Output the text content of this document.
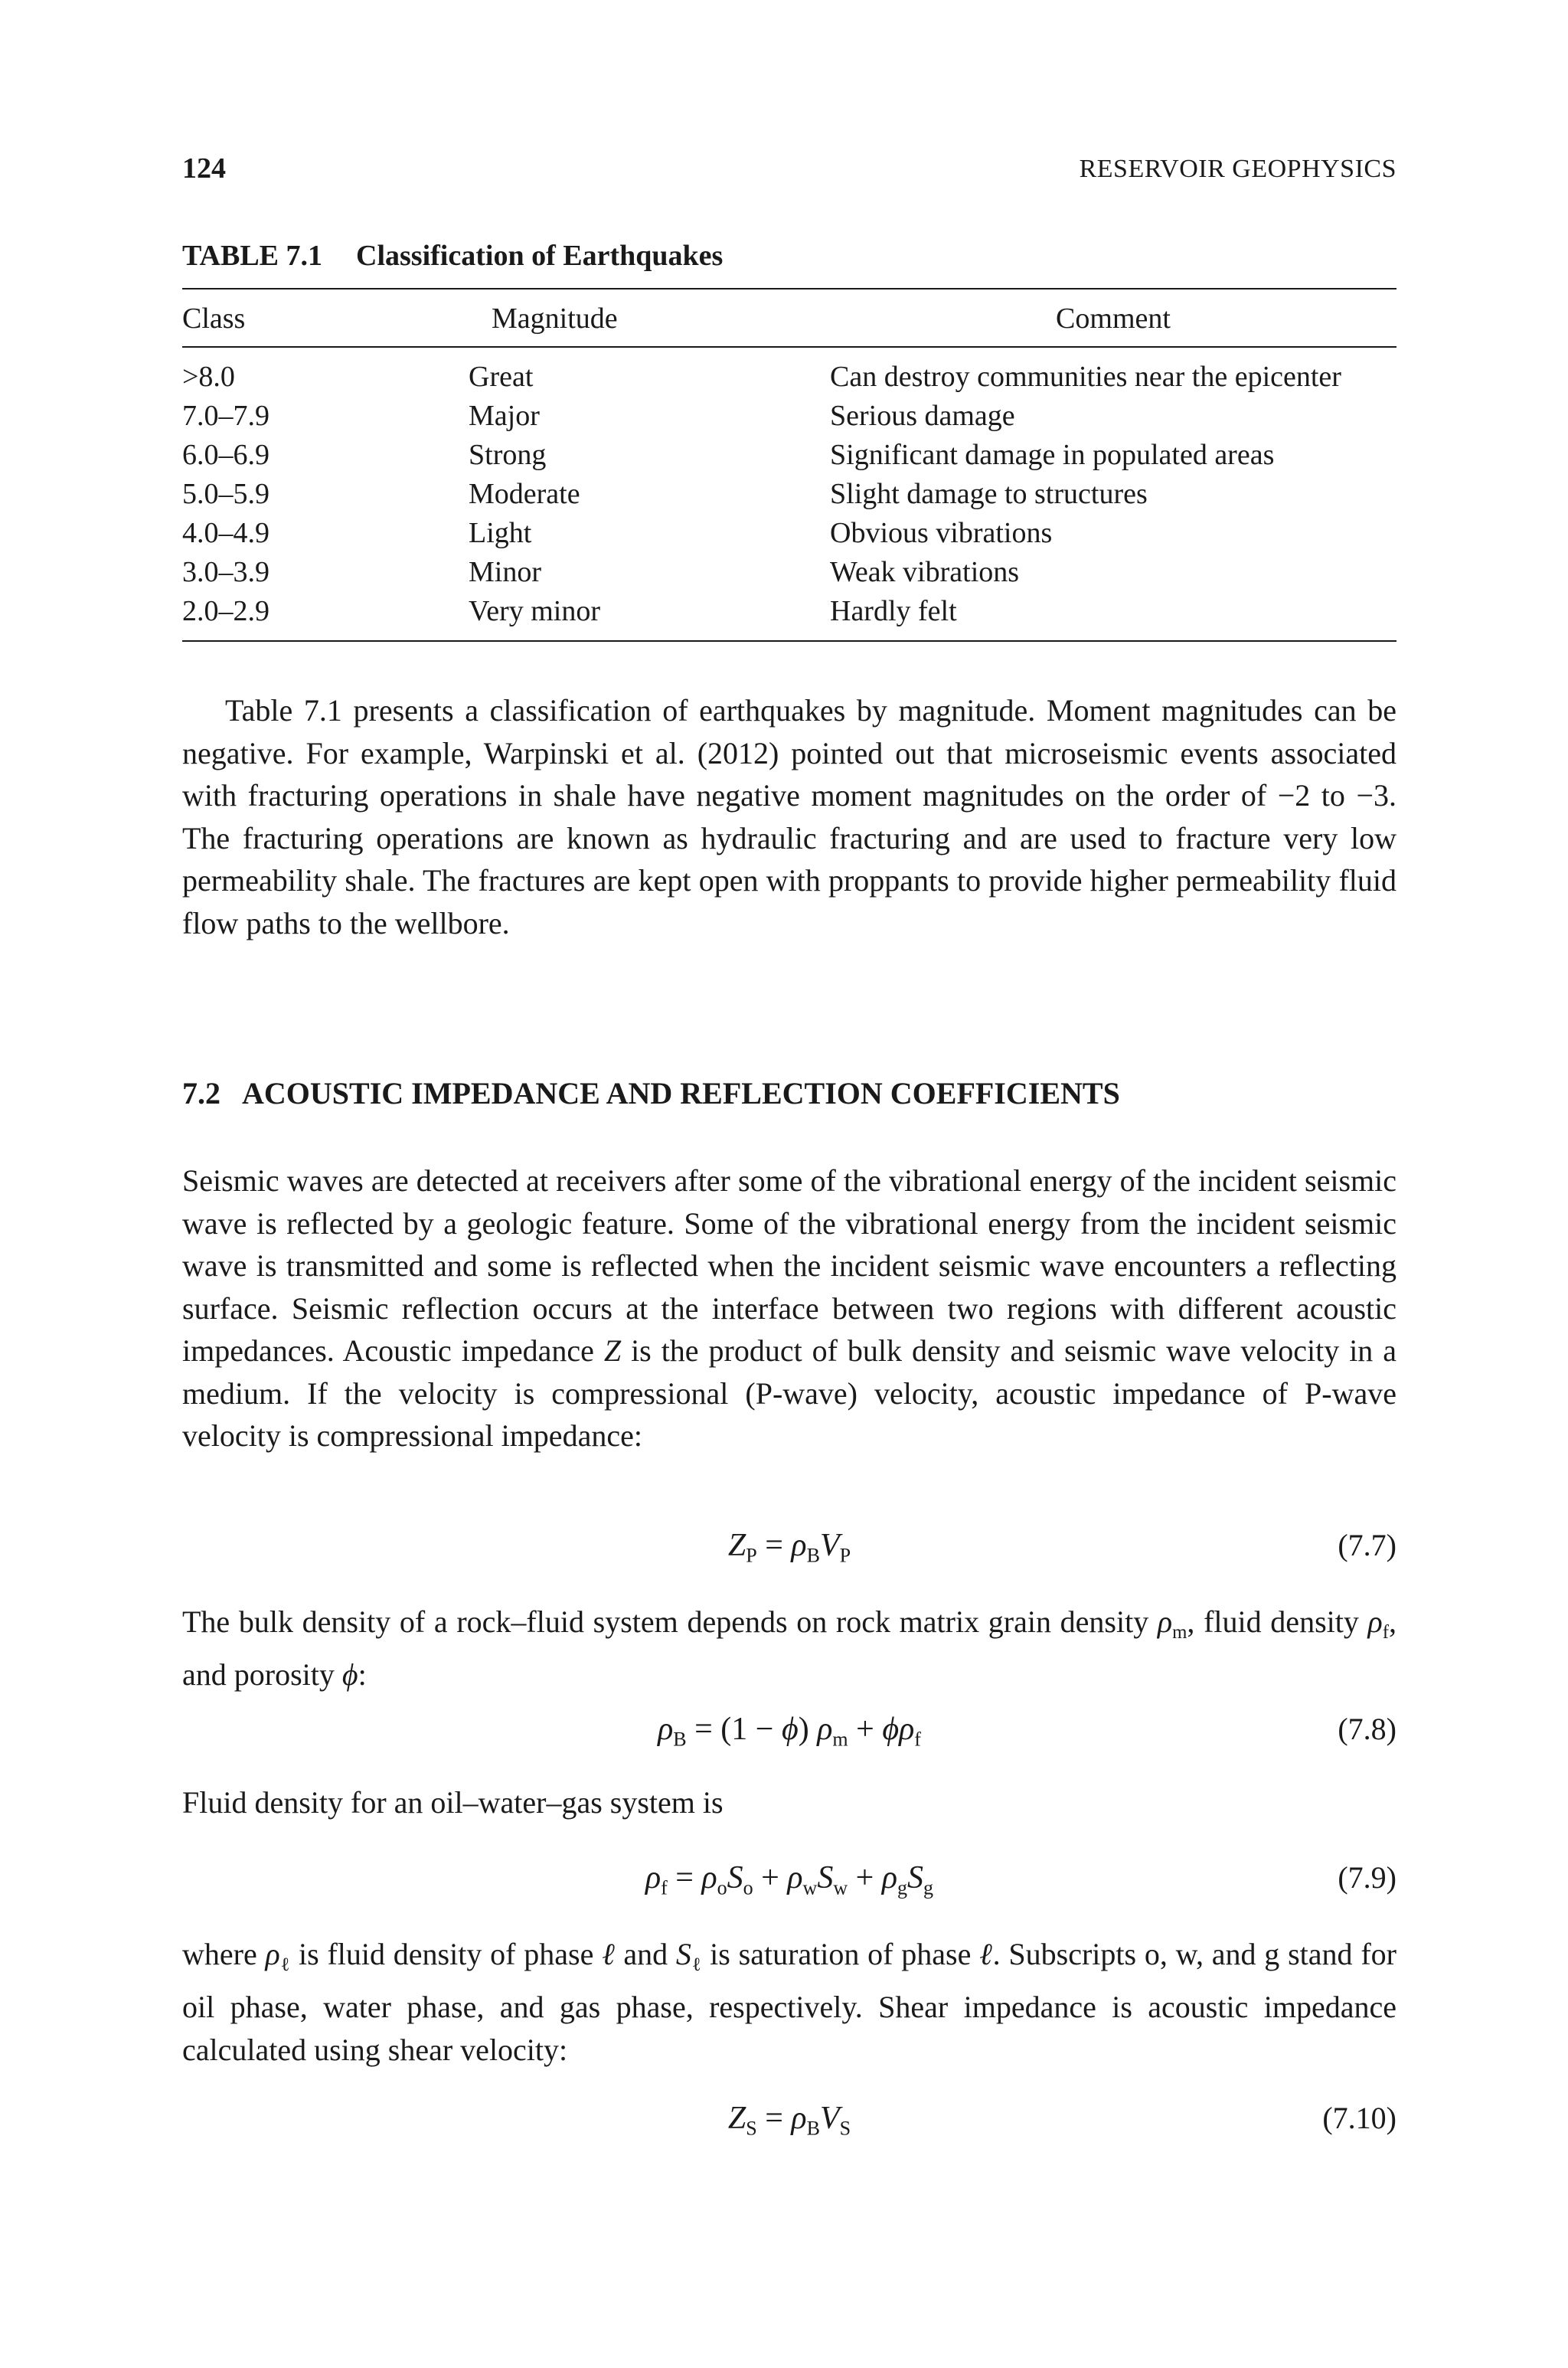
124	RESERVOIR GEOPHYSICS
TABLE 7.1 Classification of Earthquakes
Class	Magnitude	Comment
>8.0	Great	Can destroy communities near the epicenter
7.0–7.9	Major	Serious damage
6.0–6.9	Strong	Significant damage in populated areas
5.0–5.9	Moderate	Slight damage to structures
4.0–4.9	Light	Obvious vibrations
3.0–3.9	Minor	Weak vibrations
2.0–2.9	Very minor	Hardly felt

Table 7.1 presents a classification of earthquakes by magnitude. Moment magnitudes can be negative. For example, Warpinski et al. (2012) pointed out that microseismic events associated with fracturing operations in shale have negative moment magnitudes on the order of −2 to −3. The fracturing operations are known as hydraulic fracturing and are used to fracture very low permeability shale. The fractures are kept open with proppants to provide higher permeability fluid flow paths to the wellbore.

7.2 ACOUSTIC IMPEDANCE AND REFLECTION COEFFICIENTS

Seismic waves are detected at receivers after some of the vibrational energy of the incident seismic wave is reflected by a geologic feature. Some of the vibrational energy from the incident seismic wave is transmitted and some is reflected when the incident seismic wave encounters a reflecting surface. Seismic reflection occurs at the interface between two regions with different acoustic impedances. Acoustic impedance Z is the product of bulk density and seismic wave velocity in a medium. If the velocity is compressional (P-wave) velocity, acoustic impedance of P-wave velocity is compressional impedance:

$Z_P = \rho_BV_P$	(7.7)

The bulk density of a rock–fluid system depends on rock matrix grain density $\rho_m$, fluid density $\rho_f$, and porosity ϕ:

$\rho_B = (1 - \phi) \rho_m + \phi\rho_f$	(7.8)

Fluid density for an oil–water–gas system is

$\rho_f = \rho_oS_o + \rho_wS_w + \rho_gS_g$	(7.9)

where $\rho_\ell$ is fluid density of phase ℓ and $S_\ell$ is saturation of phase ℓ. Subscripts o, w, and g stand for oil phase, water phase, and gas phase, respectively. Shear impedance is acoustic impedance calculated using shear velocity:

$Z_S = \rho_BV_S$	(7.10)
